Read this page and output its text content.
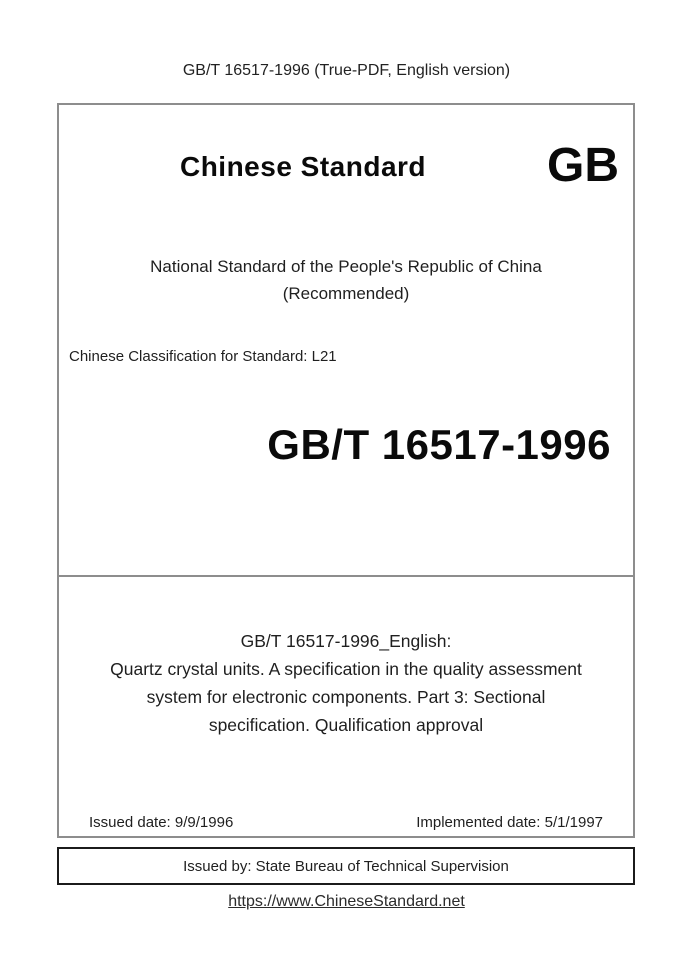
GB/T 16517-1996 (True-PDF, English version)
Chinese Standard	GB
National Standard of the People's Republic of China
(Recommended)
Chinese Classification for Standard: L21
GB/T 16517-1996
GB/T 16517-1996_English:
Quartz crystal units. A specification in the quality assessment
system for electronic components. Part 3: Sectional
specification. Qualification approval
Issued date: 9/9/1996	Implemented date: 5/1/1997
Issued by: State Bureau of Technical Supervision
https://www.ChineseStandard.net
